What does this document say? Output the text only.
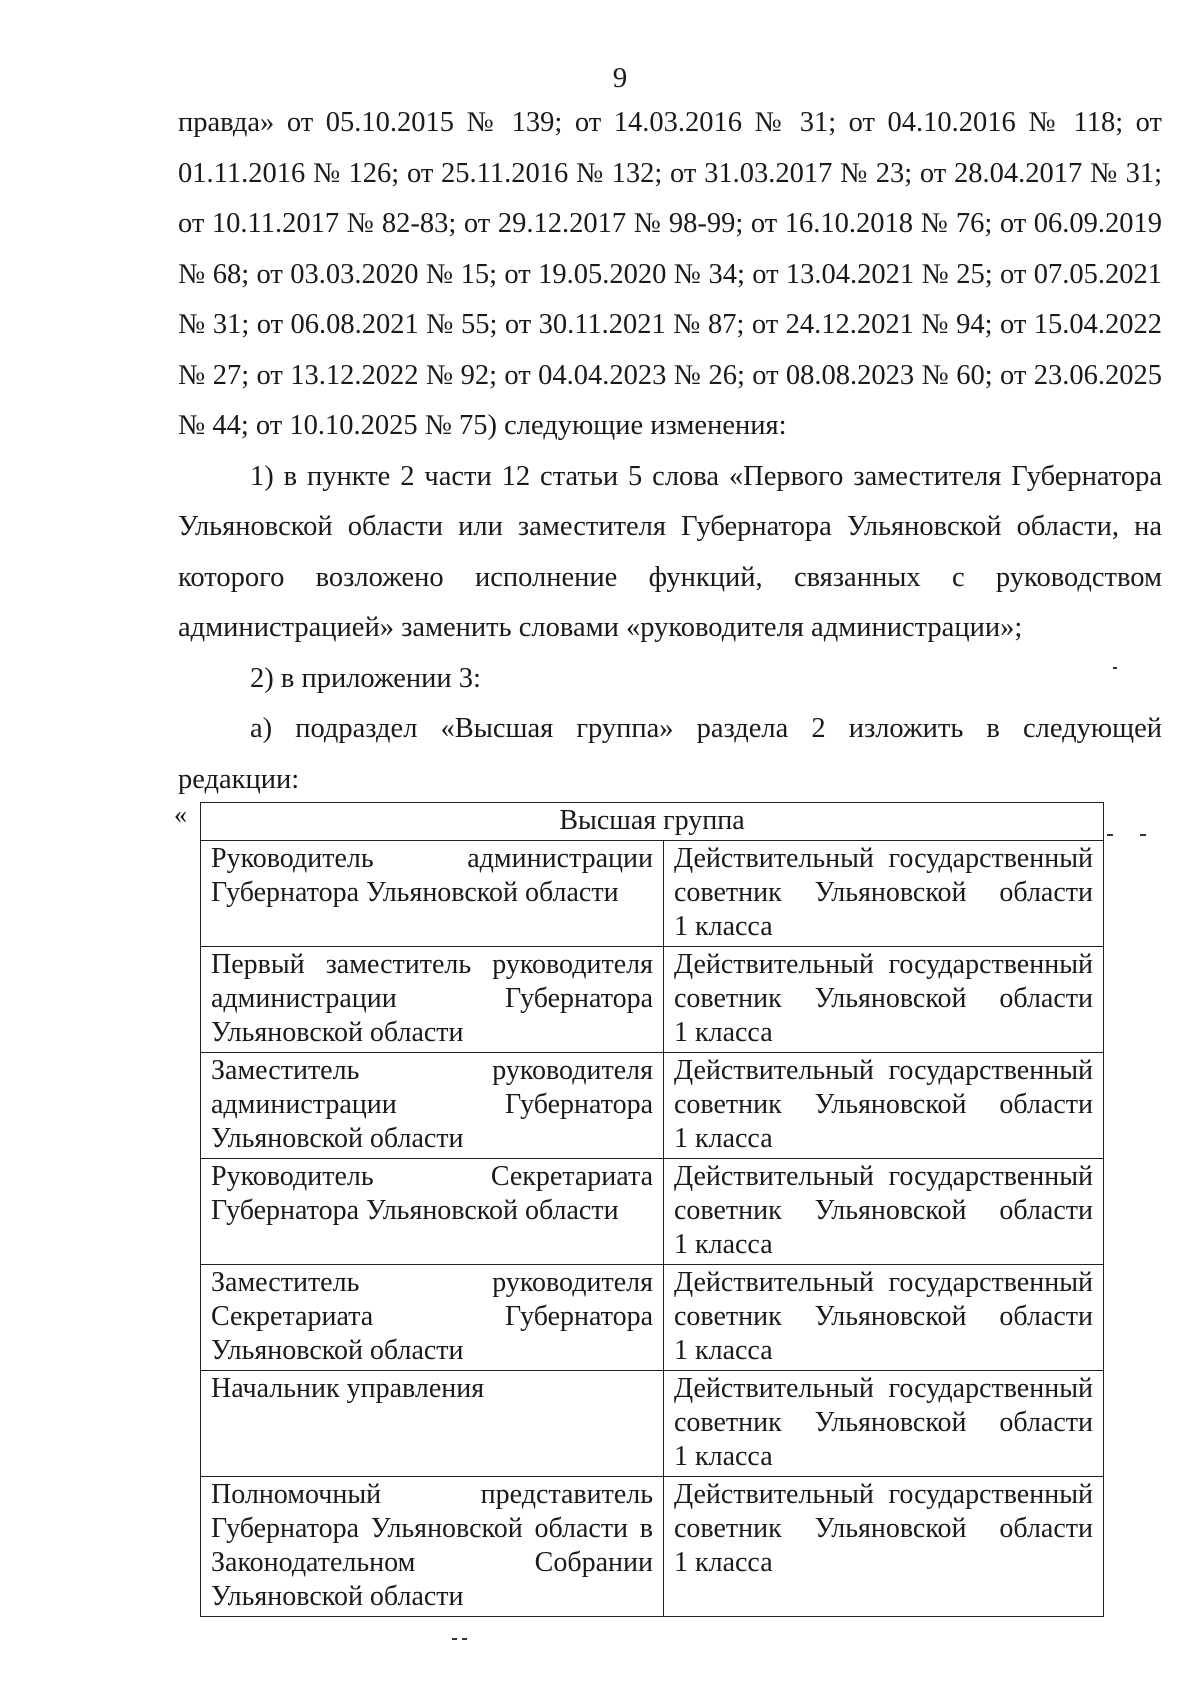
9

правда» от 05.10.2015 № 139; от 14.03.2016 № 31; от 04.10.2016 № 118; от 01.11.2016 № 126; от 25.11.2016 № 132; от 31.03.2017 № 23; от 28.04.2017 № 31; от 10.11.2017 № 82-83; от 29.12.2017 № 98-99; от 16.10.2018 № 76; от 06.09.2019 № 68; от 03.03.2020 № 15; от 19.05.2020 № 34; от 13.04.2021 № 25; от 07.05.2021 № 31; от 06.08.2021 № 55; от 30.11.2021 № 87; от 24.12.2021 № 94; от 15.04.2022 № 27; от 13.12.2022 № 92; от 04.04.2023 № 26; от 08.08.2023 № 60; от 23.06.2025 № 44; от 10.10.2025 № 75) следующие изменения:

1) в пункте 2 части 12 статьи 5 слова «Первого заместителя Губернатора Ульяновской области или заместителя Губернатора Ульяновской области, на которого возложено исполнение функций, связанных с руководством администрацией» заменить словами «руководителя администрации»;

2) в приложении 3:

а) подраздел «Высшая группа» раздела 2 изложить в следующей редакции:

«	Высшая группа	
Руководитель администрации Губернатора Ульяновской области	Действительный государственный
советник Ульяновской области
1 класса

Первый заместитель руководителя администрации Губернатора Ульяновской области	Действительный государственный
советник Ульяновской области
1 класса

Заместитель руководителя администрации Губернатора Ульяновской области	Действительный государственный
советник Ульяновской области
1 класса

Руководитель Секретариата Губернатора Ульяновской области	Действительный государственный
советник Ульяновской области
1 класса

Заместитель руководителя Секретариата Губернатора Ульяновской области	Действительный государственный
советник Ульяновской области
1 класса

Начальник управления	Действительный государственный
советник Ульяновской области
1 класса

Полномочный представитель Губернатора Ульяновской области в Законодательном Собрании Ульяновской области	Действительный государственный
советник Ульяновской области
1 класса
